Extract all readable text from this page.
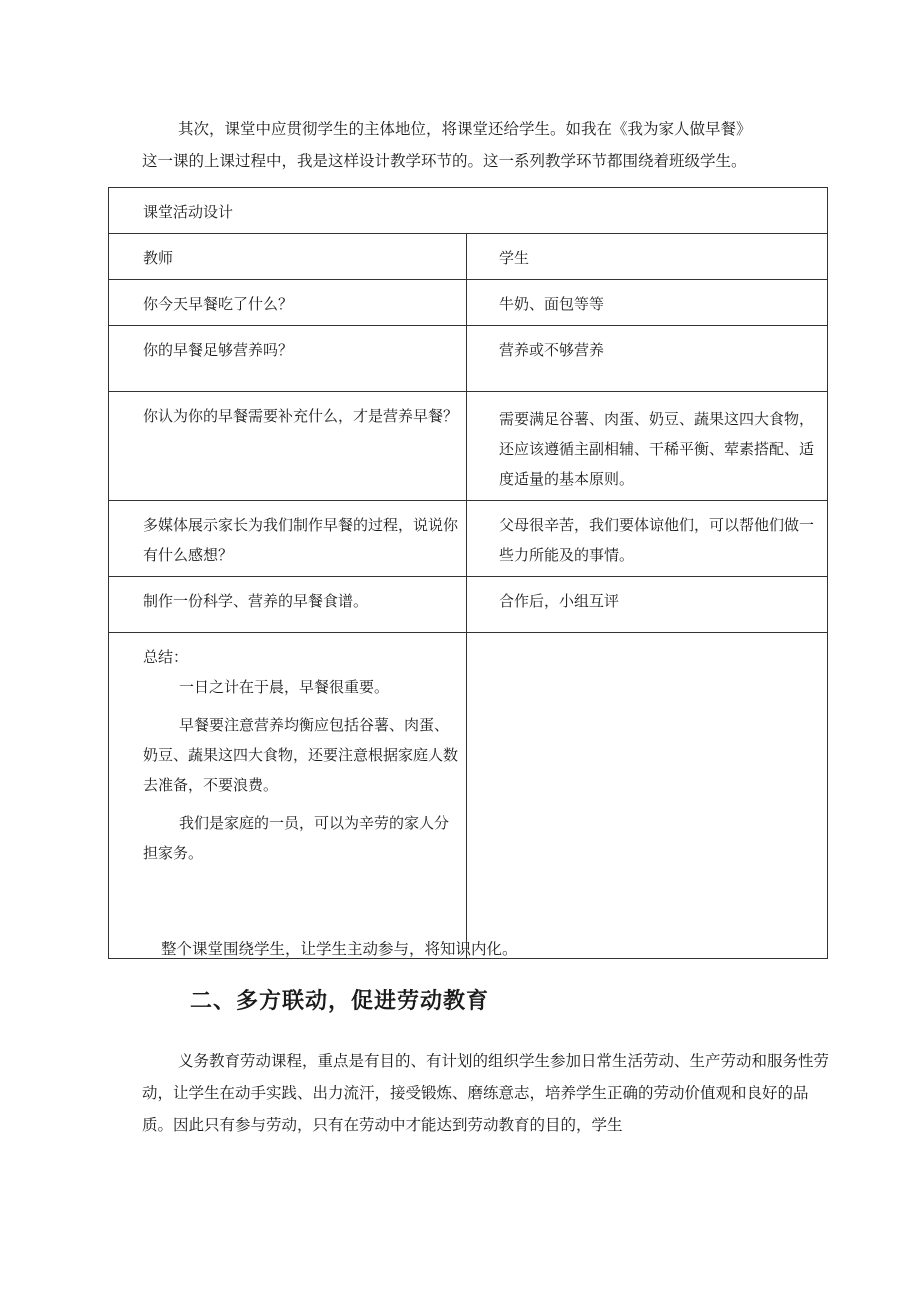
其次，课堂中应贯彻学生的主体地位，将课堂还给学生。如我在《我为家人做早餐》

这一课的上课过程中，我是这样设计教学环节的。这一系列教学环节都围绕着班级学生。

课堂活动设计	
教师	学生
你今天早餐吃了什么？	牛奶、面包等等
你的早餐足够营养吗？	营养或不够营养
你认为你的早餐需要补充什么，才是营养早餐？	需要满足谷薯、肉蛋、奶豆、蔬果这四大食物，还应该遵循主副相辅、干稀平衡、荤素搭配、适度适量的基本原则。
多媒体展示家长为我们制作早餐的过程，说说你有什么感想？	父母很辛苦，我们要体谅他们，可以帮他们做一些力所能及的事情。
制作一份科学、营养的早餐食谱。	合作后，小组互评

总结：

一日之计在于晨，早餐很重要。

早餐要注意营养均衡应包括谷薯、肉蛋、奶豆、蔬果这四大食物，还要注意根据家庭人数去准备，不要浪费。

我们是家庭的一员，可以为辛劳的家人分担家务。	

整个课堂围绕学生，让学生主动参与，将知识内化。

二、多方联动，促进劳动教育

义务教育劳动课程，重点是有目的、有计划的组织学生参加日常生活劳动、生产劳动和服务性劳动，让学生在动手实践、出力流汗，接受锻炼、磨练意志，培养学生正确的劳动价值观和良好的品质。因此只有参与劳动，只有在劳动中才能达到劳动教育的目的，学生
